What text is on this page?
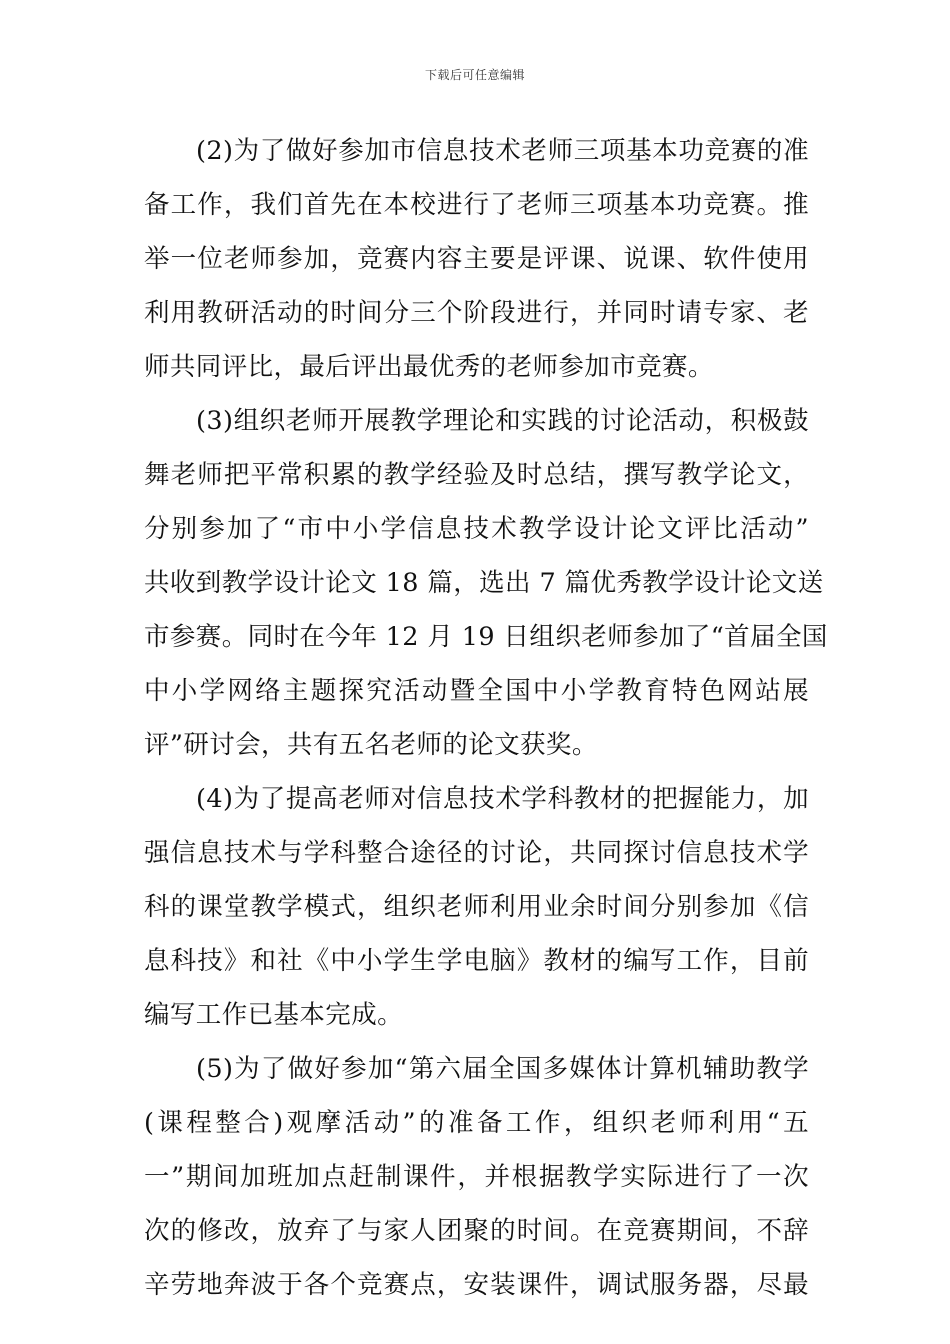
下载后可任意编辑
(2)为了做好参加市信息技术老师三项基本功竞赛的准
备工作，我们首先在本校进行了老师三项基本功竞赛。推
举一位老师参加，竞赛内容主要是评课、说课、软件使用
利用教研活动的时间分三个阶段进行，并同时请专家、老
师共同评比，最后评出最优秀的老师参加市竞赛。
(3)组织老师开展教学理论和实践的讨论活动，积极鼓
舞老师把平常积累的教学经验及时总结，撰写教学论文，
分别参加了“市中小学信息技术教学设计论文评比活动”
共收到教学设计论文 18 篇，选出 7 篇优秀教学设计论文送
市参赛。同时在今年 12 月 19 日组织老师参加了“首届全国
中小学网络主题探究活动暨全国中小学教育特色网站展
评”研讨会，共有五名老师的论文获奖。
(4)为了提高老师对信息技术学科教材的把握能力，加
强信息技术与学科整合途径的讨论，共同探讨信息技术学
科的课堂教学模式，组织老师利用业余时间分别参加《信
息科技》和社《中小学生学电脑》教材的编写工作，目前
编写工作已基本完成。
(5)为了做好参加“第六届全国多媒体计算机辅助教学
(课程整合)观摩活动”的准备工作，组织老师利用“五
一”期间加班加点赶制课件，并根据教学实际进行了一次
次的修改，放弃了与家人团聚的时间。在竞赛期间，不辞
辛劳地奔波于各个竞赛点，安装课件，调试服务器，尽最
